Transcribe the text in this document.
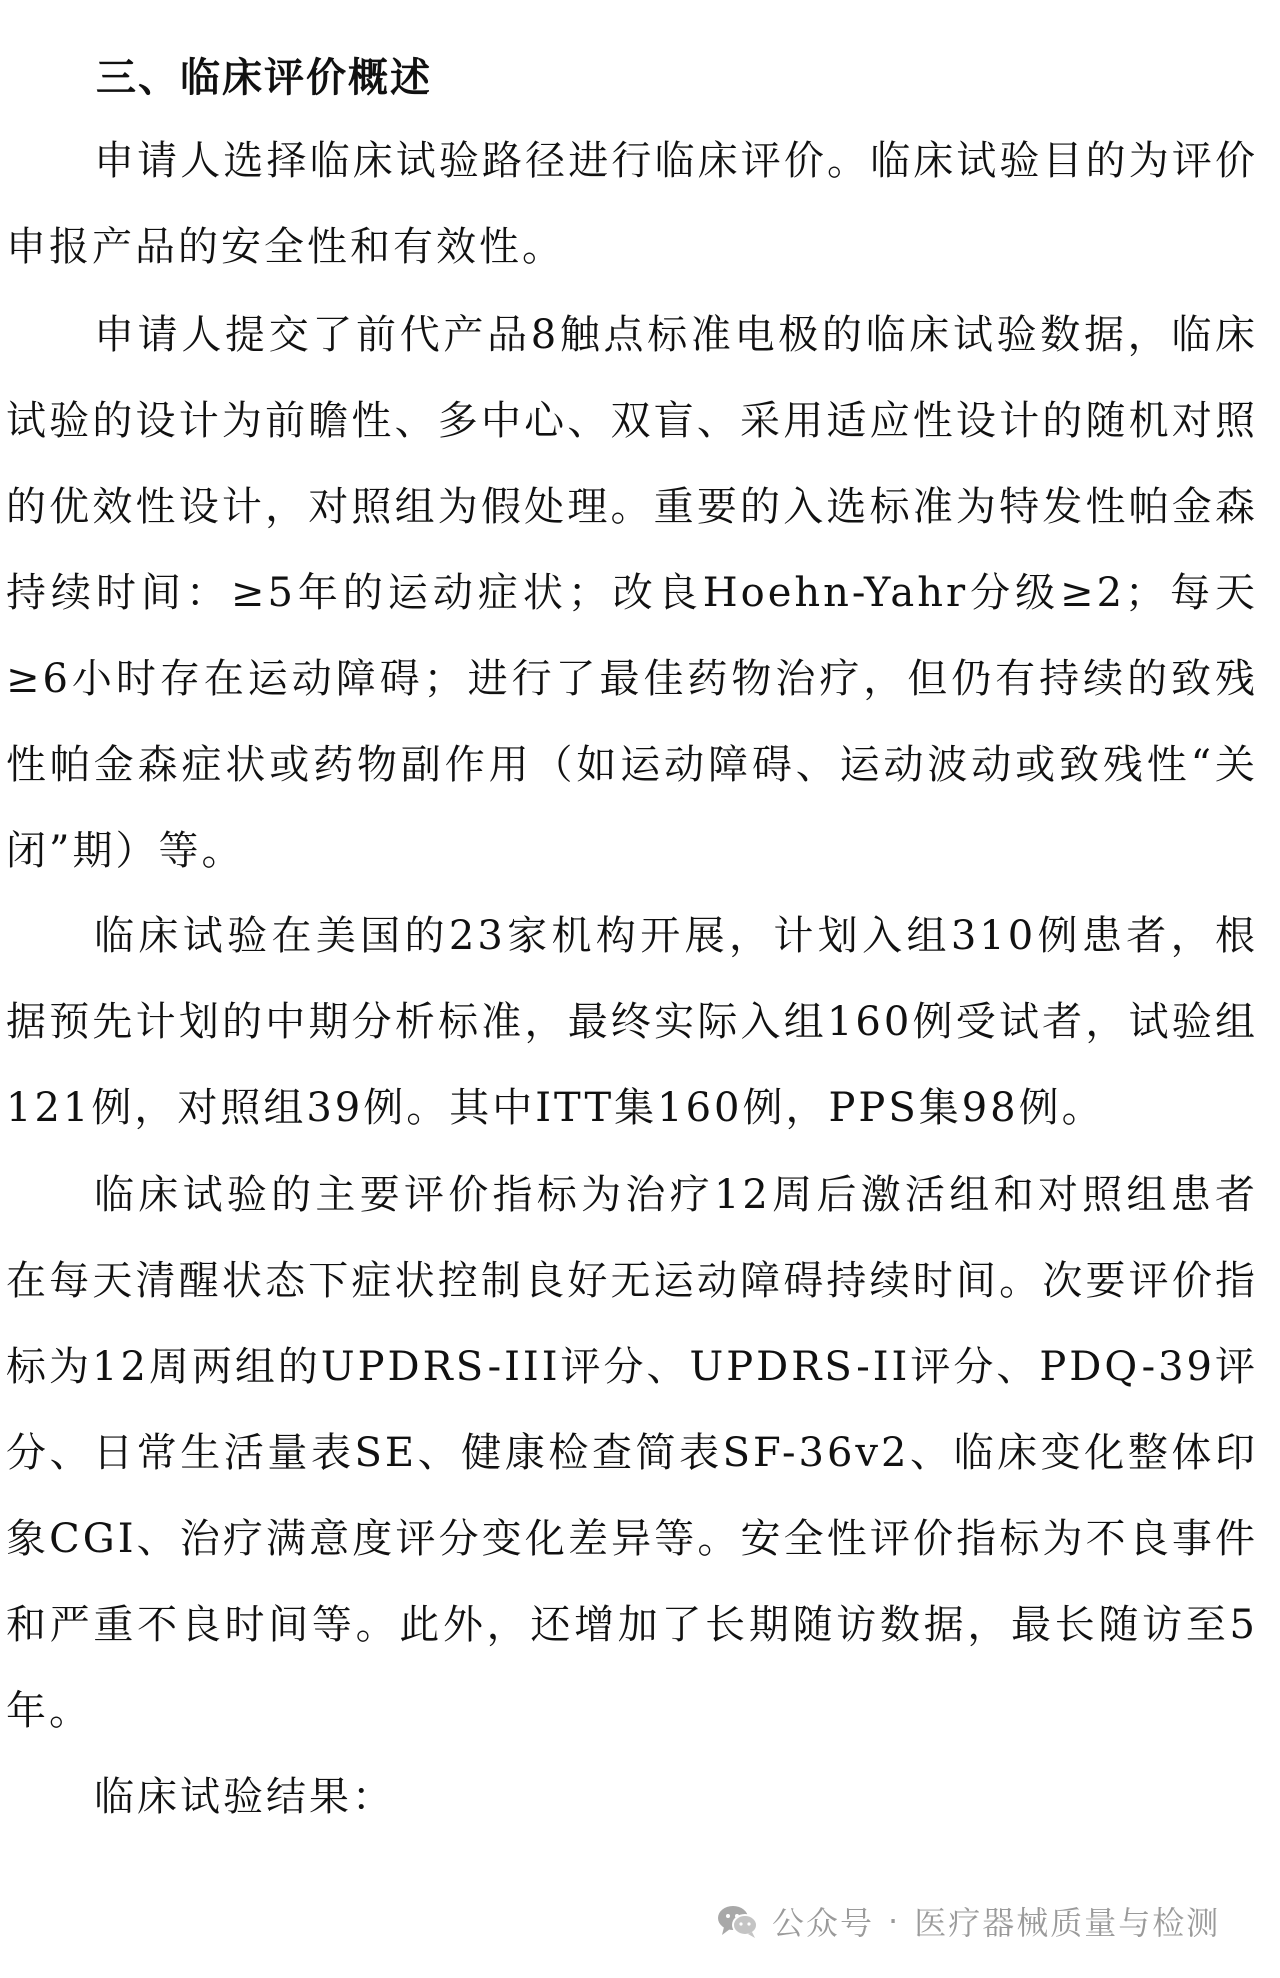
三、临床评价概述

申请人选择临床试验路径进行临床评价。临床试验目的为评价申报产品的安全性和有效性。

申请人提交了前代产品8触点标准电极的临床试验数据，临床试验的设计为前瞻性、多中心、双盲、采用适应性设计的随机对照的优效性设计，对照组为假处理。重要的入选标准为特发性帕金森持续时间：≥5年的运动症状；改良Hoehn-Yahr分级≥2；每天≥6小时存在运动障碍；进行了最佳药物治疗，但仍有持续的致残性帕金森症状或药物副作用（如运动障碍、运动波动或致残性“关闭”期）等。

临床试验在美国的23家机构开展，计划入组310例患者，根据预先计划的中期分析标准，最终实际入组160例受试者，试验组121例，对照组39例。其中ITT集160例，PPS集98例。

临床试验的主要评价指标为治疗12周后激活组和对照组患者在每天清醒状态下症状控制良好无运动障碍持续时间。次要评价指标为12周两组的UPDRS-III评分、UPDRS-II评分、PDQ-39评分、日常生活量表SE、健康检查简表SF-36v2、临床变化整体印象CGI、治疗满意度评分变化差异等。安全性评价指标为不良事件和严重不良时间等。此外，还增加了长期随访数据，最长随访至5年。

临床试验结果：

公众号 · 医疗器械质量与检测
